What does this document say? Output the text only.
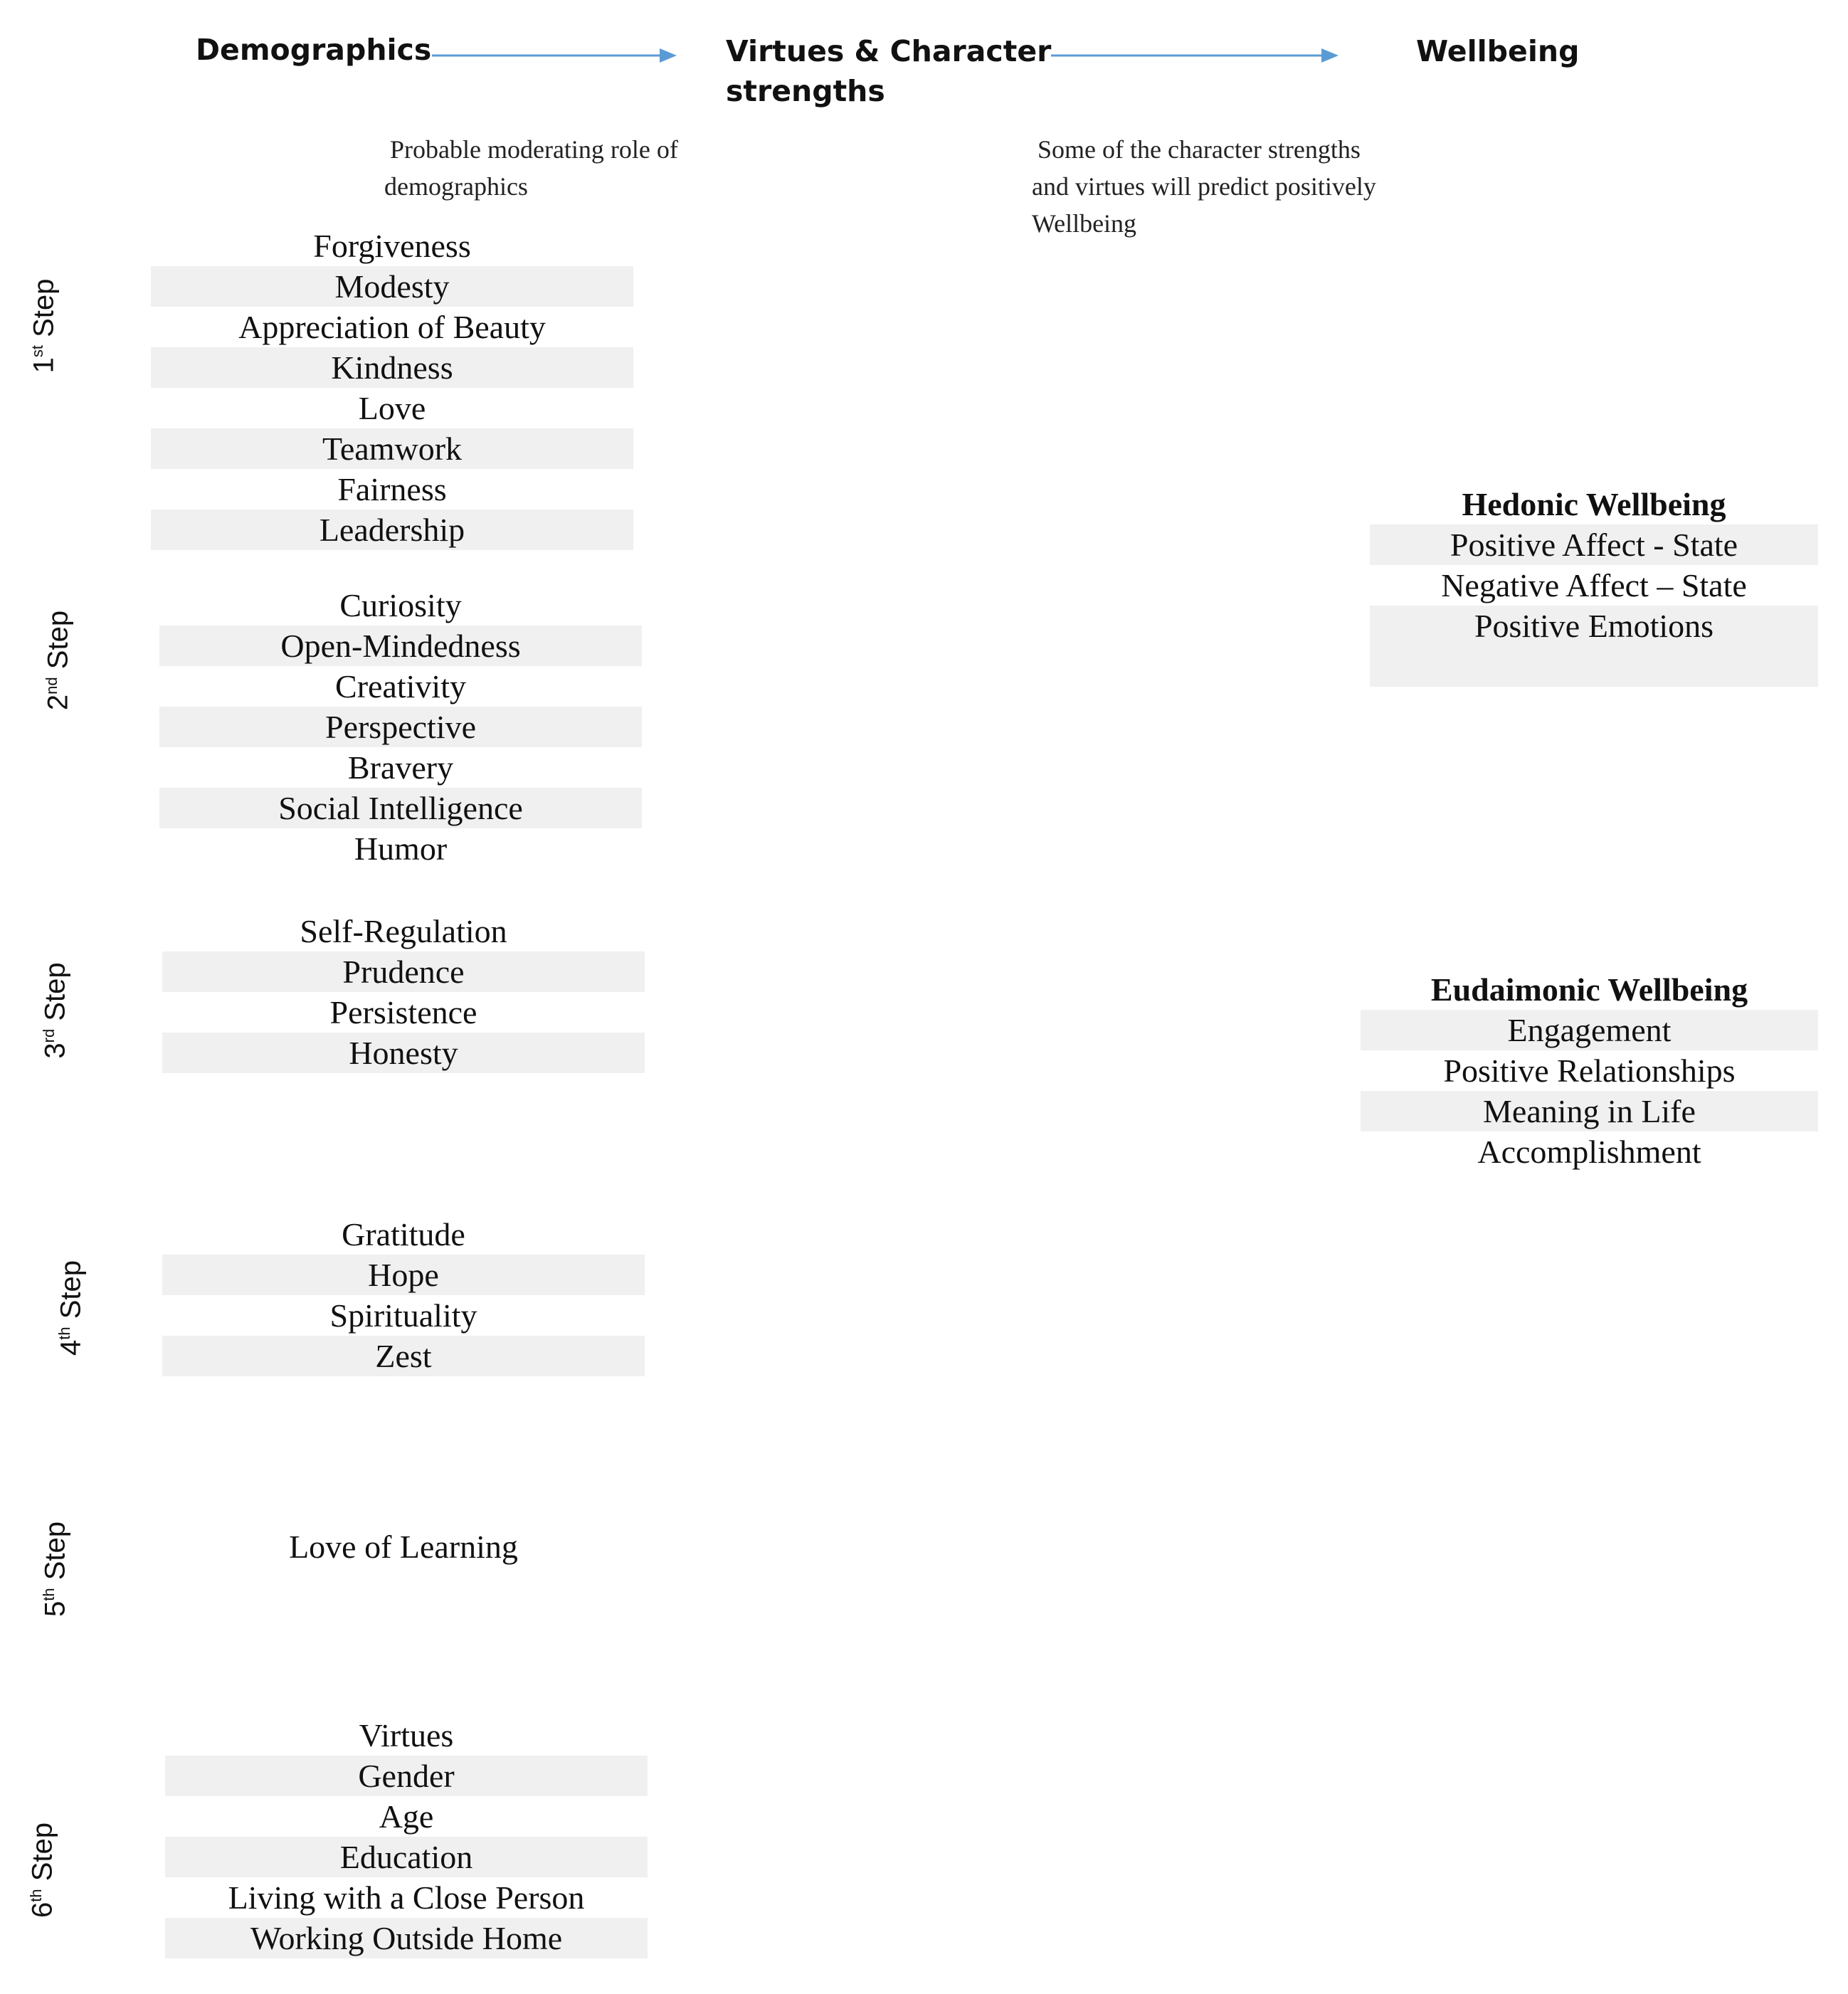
Demographics	Virtues & Character
strengths
Wellbeing
Probable moderating role of
demographics
Some of the character strengths
and virtues will predict positively
Wellbeing
1st Step
2nd Step
3rd Step
4th Step
5th Step
6th Step
Forgiveness
Modesty
Appreciation of Beauty
Kindness
Love
Teamwork
Fairness
Leadership
Curiosity
Open-Mindedness
Creativity
Perspective
Bravery
Social Intelligence
Humor
Self-Regulation
Prudence
Persistence
Honesty
Gratitude
Hope
Spirituality
Zest
Love of Learning
Virtues
Gender
Age
Education
Living with a Close Person
Working Outside Home
Hedonic Wellbeing
Positive Affect - State
Negative Affect – State
Positive Emotions
Eudaimonic Wellbeing
Engagement
Positive Relationships
Meaning in Life
Accomplishment
